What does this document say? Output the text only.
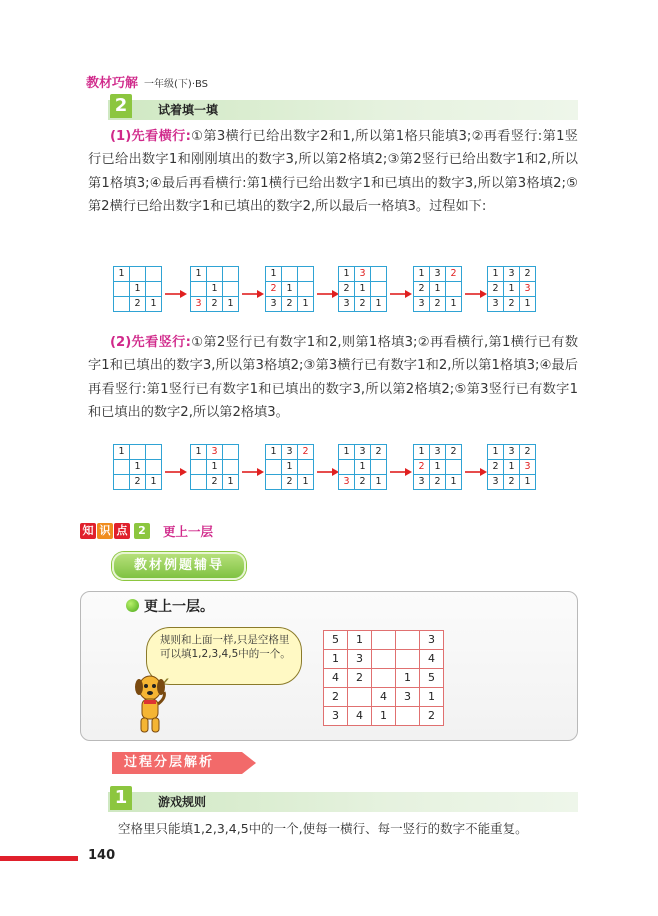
教材巧解 一年级(下)·BS
2	试着填一填
(1)先看横行:①第3横行已给出数字2和1,所以第1格只能填3;②再看竖行:第1竖行已给出数字1和刚刚填出的数字3,所以第2格填2;③第2竖行已给出数字1和2,所以第1格填3;④最后再看横行:第1横行已给出数字1和已填出的数字3,所以第3格填2;⑤第2横行已给出数字1和已填出的数字2,所以最后一格填3。过程如下:
1		
	1	
	2	1
1		
	1	
3	2	1
1		
2	1	
3	2	1
1	3	
2	1	
3	2	1
1	3	2
2	1	
3	2	1
1	3	2
2	1	3
3	2	1
(2)先看竖行:①第2竖行已有数字1和2,则第1格填3;②再看横行,第1横行已有数字1和已填出的数字3,所以第3格填2;③第3横行已有数字1和2,所以第1格填3;④最后再看竖行:第1竖行已有数字1和已填出的数字3,所以第2格填2;⑤第3竖行已有数字1和已填出的数字2,所以第2格填3。
1		
	1	
	2	1
1	3	
	1	
	2	1
1	3	2
	1	
	2	1
1	3	2
	1	
3	2	1
1	3	2
2	1	
3	2	1
1	3	2
2	1	3
3	2	1
知 识 点 2	更上一层
教材例题辅导
更上一层。
规则和上面一样,只是空格里可以填1,2,3,4,5中的一个。
5	1			3
1	3			4
4	2		1	5
2		4	3	1
3	4	1		2
过程分层解析
1	游戏规则
空格里只能填1,2,3,4,5中的一个,使每一横行、每一竖行的数字不能重复。
140
